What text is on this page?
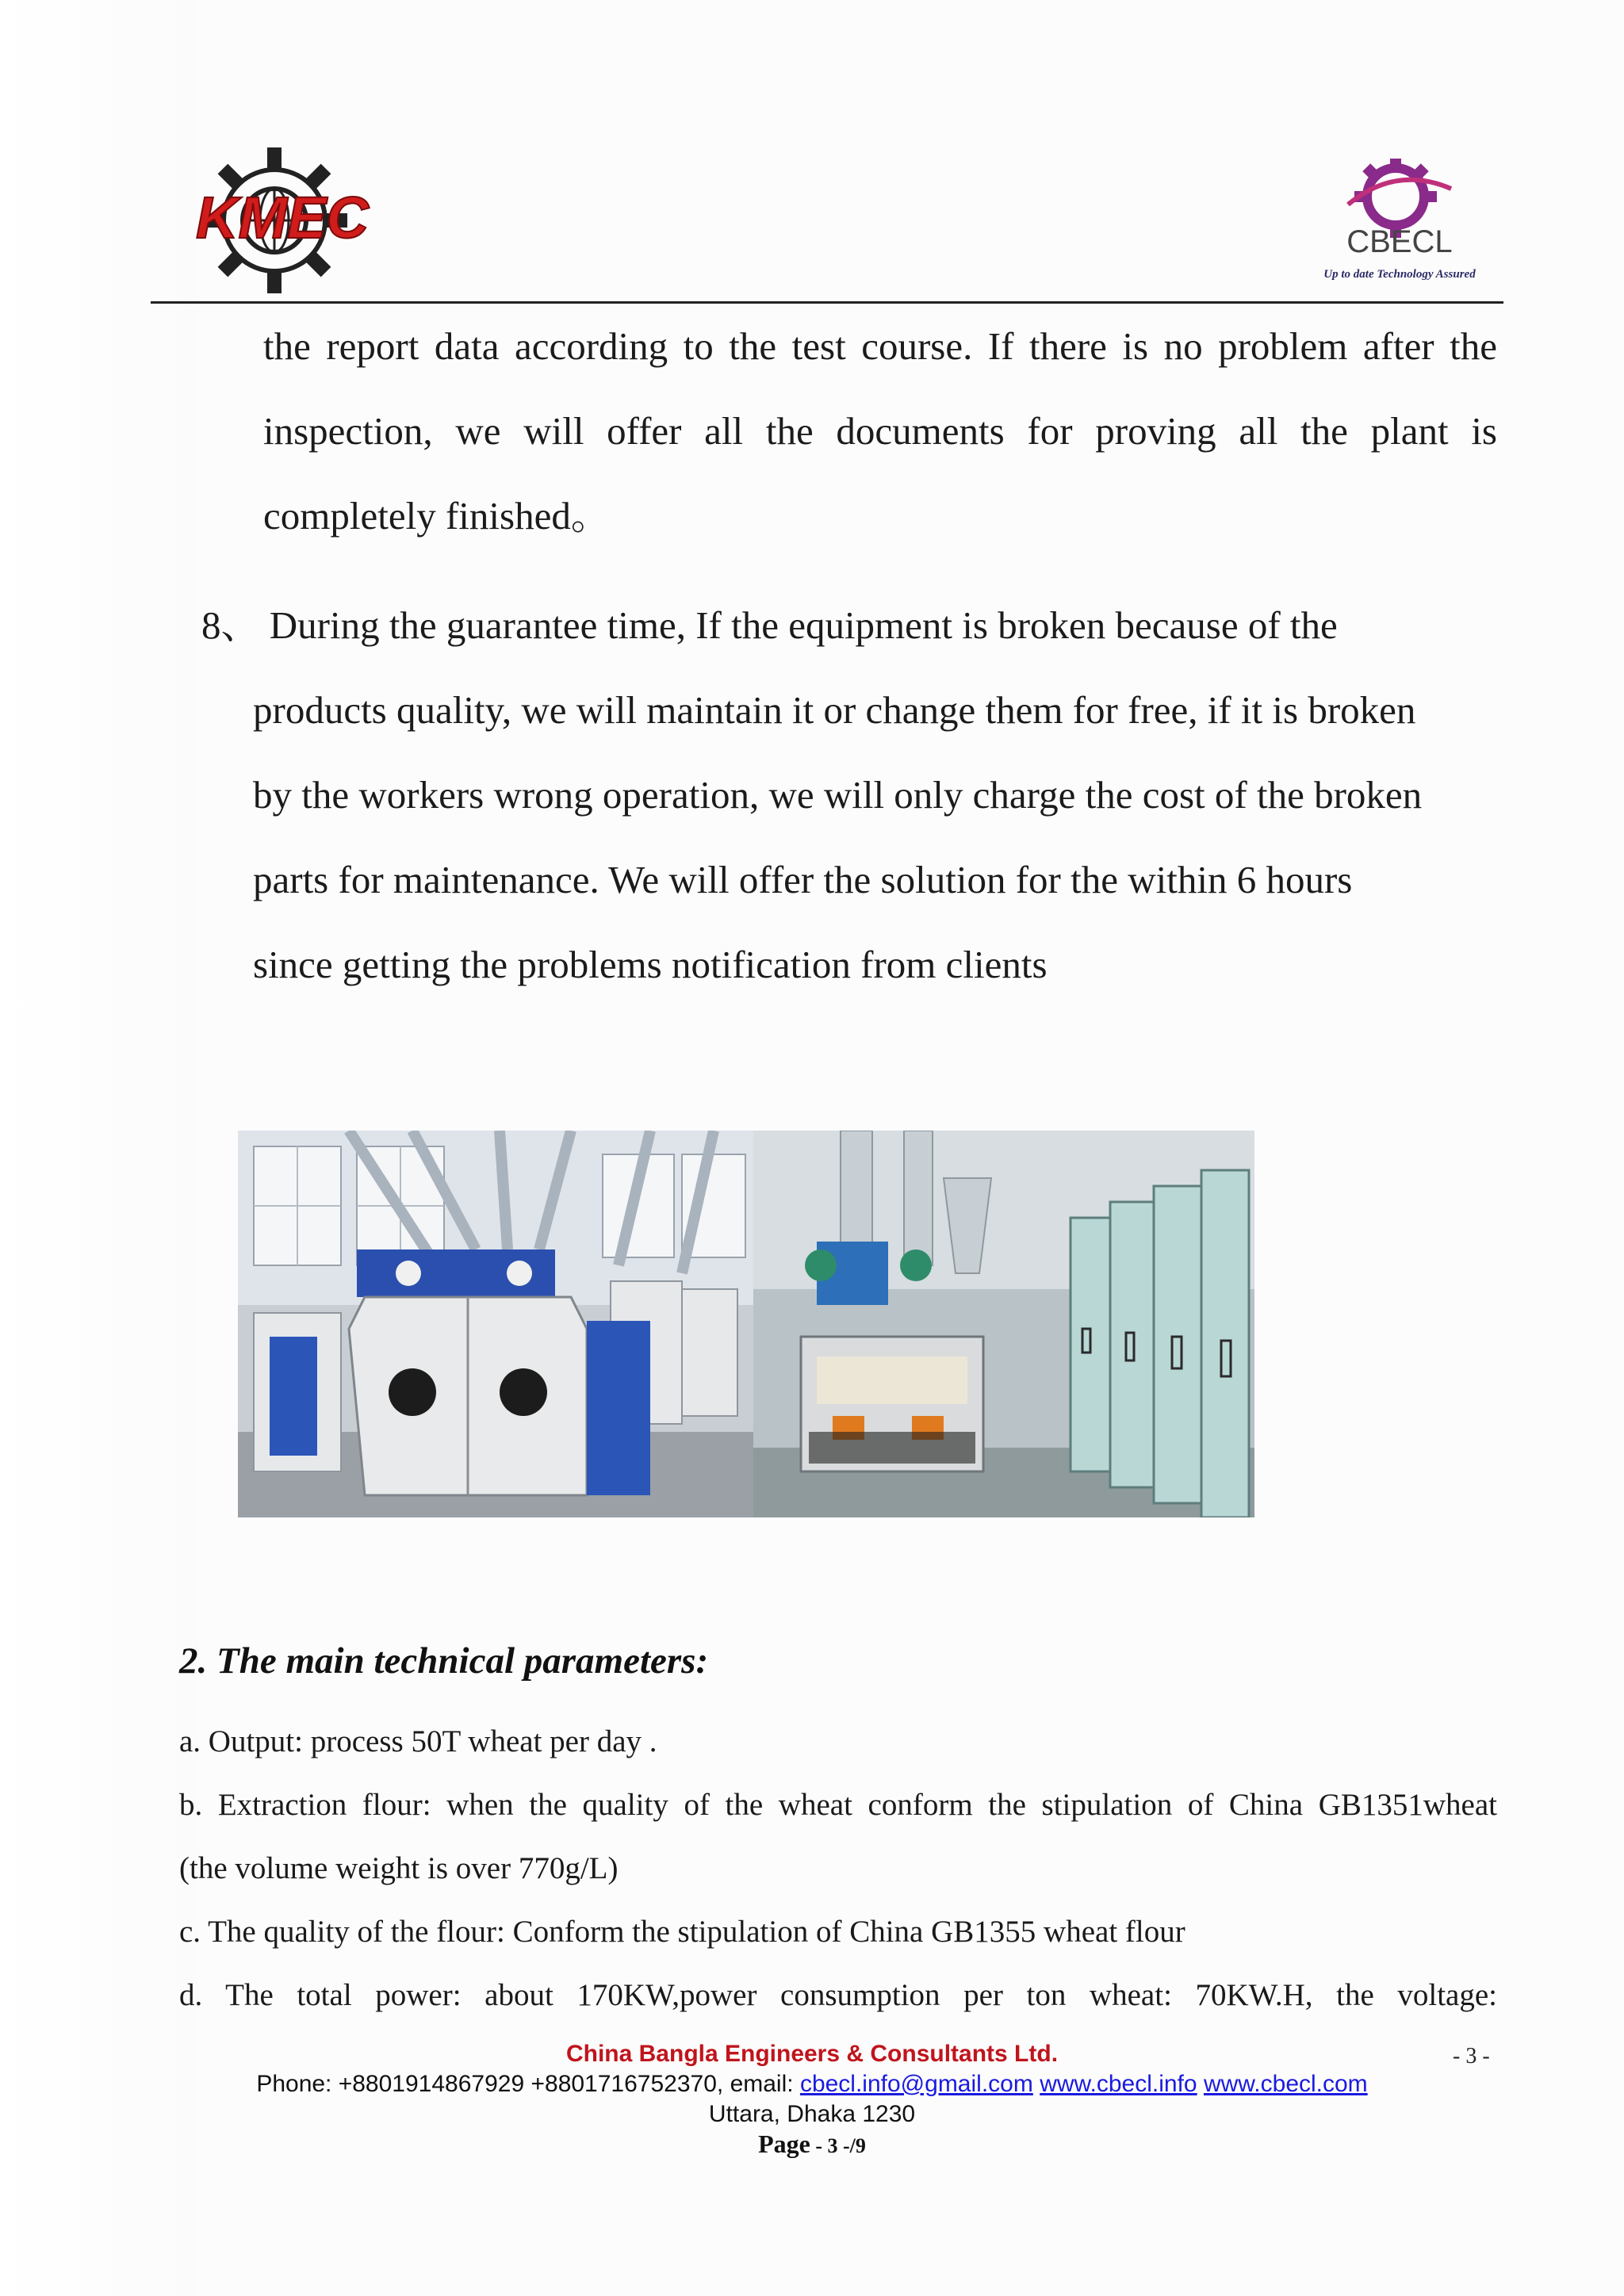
KMEC	CBECL
Up to date Technology Assured
the report data according to the test course. If there is no problem after the
inspection, we will offer all the documents for proving all the plant is
completely finished。
8、 During the guarantee time, If the equipment is broken because of the
products quality, we will maintain it or change them for free, if it is broken
by the workers wrong operation, we will only charge the cost of the broken
parts for maintenance. We will offer the solution for the within 6 hours
since getting the problems notification from clients
2. The main technical parameters:
a. Output: process 50T wheat per day .
b. Extraction flour: when the quality of the wheat conform the stipulation of China GB1351wheat
(the volume weight is over 770g/L)
c. The quality of the flour: Conform the stipulation of China GB1355 wheat flour
d. The total power: about 170KW,power consumption per ton wheat: 70KW.H, the voltage:
China Bangla Engineers & Consultants Ltd.	- 3 -
Phone: +8801914867929 +8801716752370, email: cbecl.info@gmail.com www.cbecl.info www.cbecl.com
Uttara, Dhaka 1230
Page - 3 -/9
